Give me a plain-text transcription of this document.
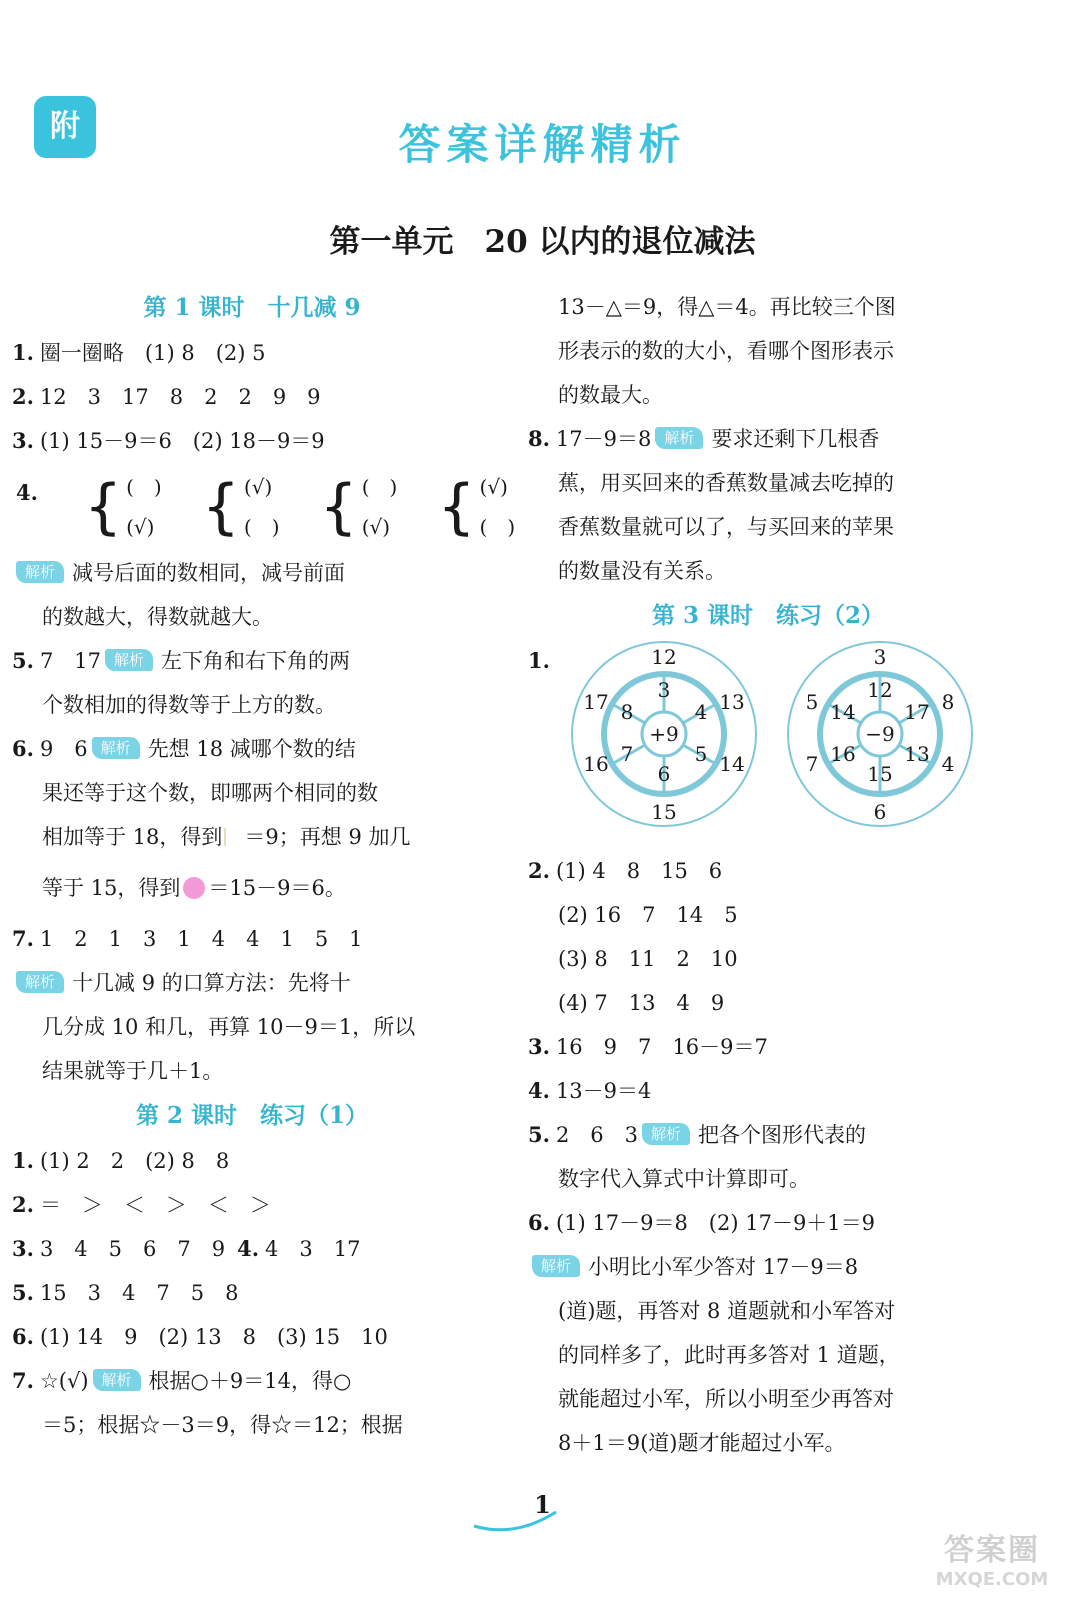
附	答案详解精析
第一单元　20 以内的退位减法
第 1 课时　十几减 9
1. 圈一圈略　(1) 8　(2) 5
2. 12　3　17　8　2　2　9　9
3. (1) 15－9＝6　(2) 18－9＝9
4. { (　)
(√) { (√)
(　) { (　)
(√) { (√)
(　)
解析 减号后面的数相同，减号前面
的数越大，得数就越大。
5. 7　17 解析 左下角和右下角的两
个数相加的得数等于上方的数。
6. 9　6 解析 先想 18 减哪个数的结
果还等于这个数，即哪两个相同的数
相加等于 18，得到 ＝9；再想 9 加几
等于 15，得到 ＝15－9＝6。
7. 1　2　1　3　1　4　4　1　5　1
解析 十几减 9 的口算方法：先将十
几分成 10 和几，再算 10－9＝1，所以
结果就等于几＋1。
第 2 课时　练习（1）
1. (1) 2　2　(2) 8　8
2. ＝　＞　＜　＞　＜　＞
3. 3　4　5　6　7　9 4. 4　3　17
5. 15　3　4　7　5　8
6. (1) 14　9　(2) 13　8　(3) 15　10
7. ☆(√) 解析 根据○＋9＝14，得○
＝5；根据☆－3＝9，得☆＝12；根据
13－△＝9，得△＝4。再比较三个图
形表示的数的大小，看哪个图形表示
的数最大。
8. 17－9＝8 解析 要求还剩下几根香
蕉，用买回来的香蕉数量减去吃掉的
香蕉数量就可以了，与买回来的苹果
的数量没有关系。
第 3 课时　练习（2）
1.
+9
3
4
5
6
7
8
12
13
14
15
16
17
−9
12
17
13
15
16
14
3
8
4
6
7
5
2. (1) 4　8　15　6
(2) 16　7　14　5
(3) 8　11　2　10
(4) 7　13　4　9
3. 16　9　7　16－9＝7
4. 13－9＝4
5. 2　6　3 解析 把各个图形代表的
数字代入算式中计算即可。
6. (1) 17－9＝8　(2) 17－9＋1＝9
解析 小明比小军少答对 17－9＝8
(道)题，再答对 8 道题就和小军答对
的同样多了，此时再多答对 1 道题，
就能超过小军，所以小明至少再答对
8＋1＝9(道)题才能超过小军。
1
答案圈
MXQE.COM
